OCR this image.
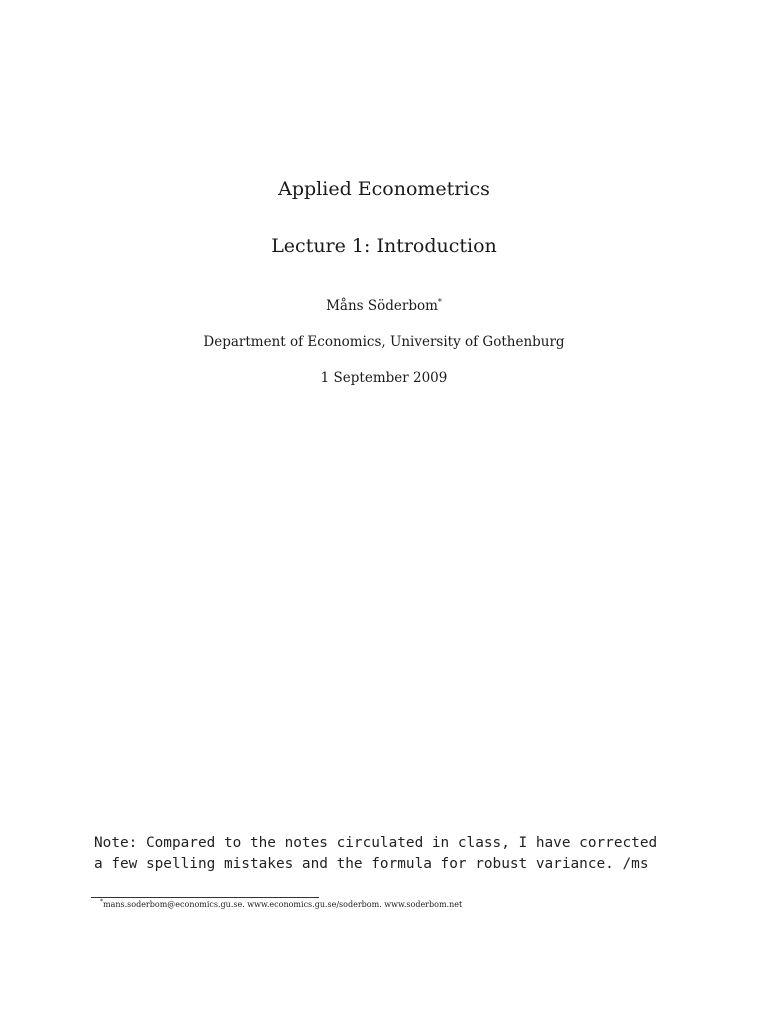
Applied Econometrics
Lecture 1: Introduction
Måns Söderbom*
Department of Economics, University of Gothenburg
1 September 2009
Note: Compared to the notes circulated in class, I have corrected
a few spelling mistakes and the formula for robust variance. /ms
*mans.soderbom@economics.gu.se. www.economics.gu.se/soderbom. www.soderbom.net
